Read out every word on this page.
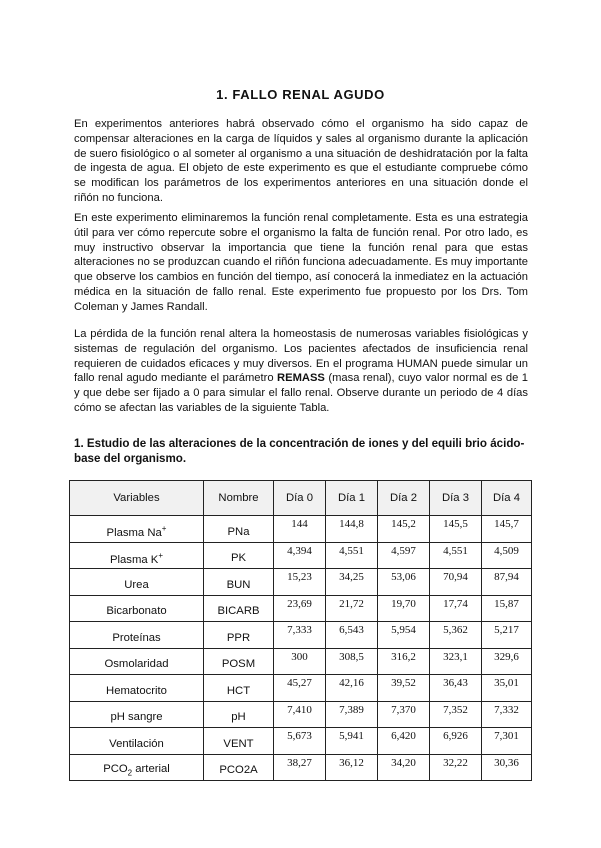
1. FALLO RENAL AGUDO

En experimentos anteriores habrá observado cómo el organismo ha sido capaz de compensar alteraciones en la carga de líquidos y sales al organismo durante la aplicación de suero fisiológico o al someter al organismo a una situación de deshidratación por la falta de ingesta de agua. El objeto de este experimento es que el estudiante compruebe cómo se modifican los parámetros de los experimentos anteriores en una situación donde el riñón no funciona.

En este experimento eliminaremos la función renal completamente. Esta es una estrategia útil para ver cómo repercute sobre el organismo la falta de función renal. Por otro lado, es muy instructivo observar la importancia que tiene la función renal para que estas alteraciones no se produzcan cuando el riñón funciona adecuadamente. Es muy importante que observe los cambios en función del tiempo, así conocerá la inmediatez en la actuación médica en la situación de fallo renal. Este experimento fue propuesto por los Drs. Tom Coleman y James Randall.

La pérdida de la función renal altera la homeostasis de numerosas variables fisiológicas y sistemas de regulación del organismo. Los pacientes afectados de insuficiencia renal requieren de cuidados eficaces y muy diversos. En el programa HUMAN puede simular un fallo renal agudo mediante el parámetro REMASS (masa renal), cuyo valor normal es de 1 y que debe ser fijado a 0 para simular el fallo renal. Observe durante un periodo de 4 días cómo se afectan las variables de la siguiente Tabla.

1. Estudio de las alteraciones de la concentración de iones y del equili brio ácido-base del organismo.

Variables	Nombre	Día 0	Día 1	Día 2	Día 3	Día 4
Plasma Na+	PNa	144	144,8	145,2	145,5	145,7
Plasma K+	PK	4,394	4,551	4,597	4,551	4,509
Urea	BUN	15,23	34,25	53,06	70,94	87,94
Bicarbonato	BICARB	23,69	21,72	19,70	17,74	15,87
Proteínas	PPR	7,333	6,543	5,954	5,362	5,217
Osmolaridad	POSM	300	308,5	316,2	323,1	329,6
Hematocrito	HCT	45,27	42,16	39,52	36,43	35,01
pH sangre	pH	7,410	7,389	7,370	7,352	7,332
Ventilación	VENT	5,673	5,941	6,420	6,926	7,301
$PCO_2$ arterial	PCO2A	38,27	36,12	34,20	32,22	30,36
